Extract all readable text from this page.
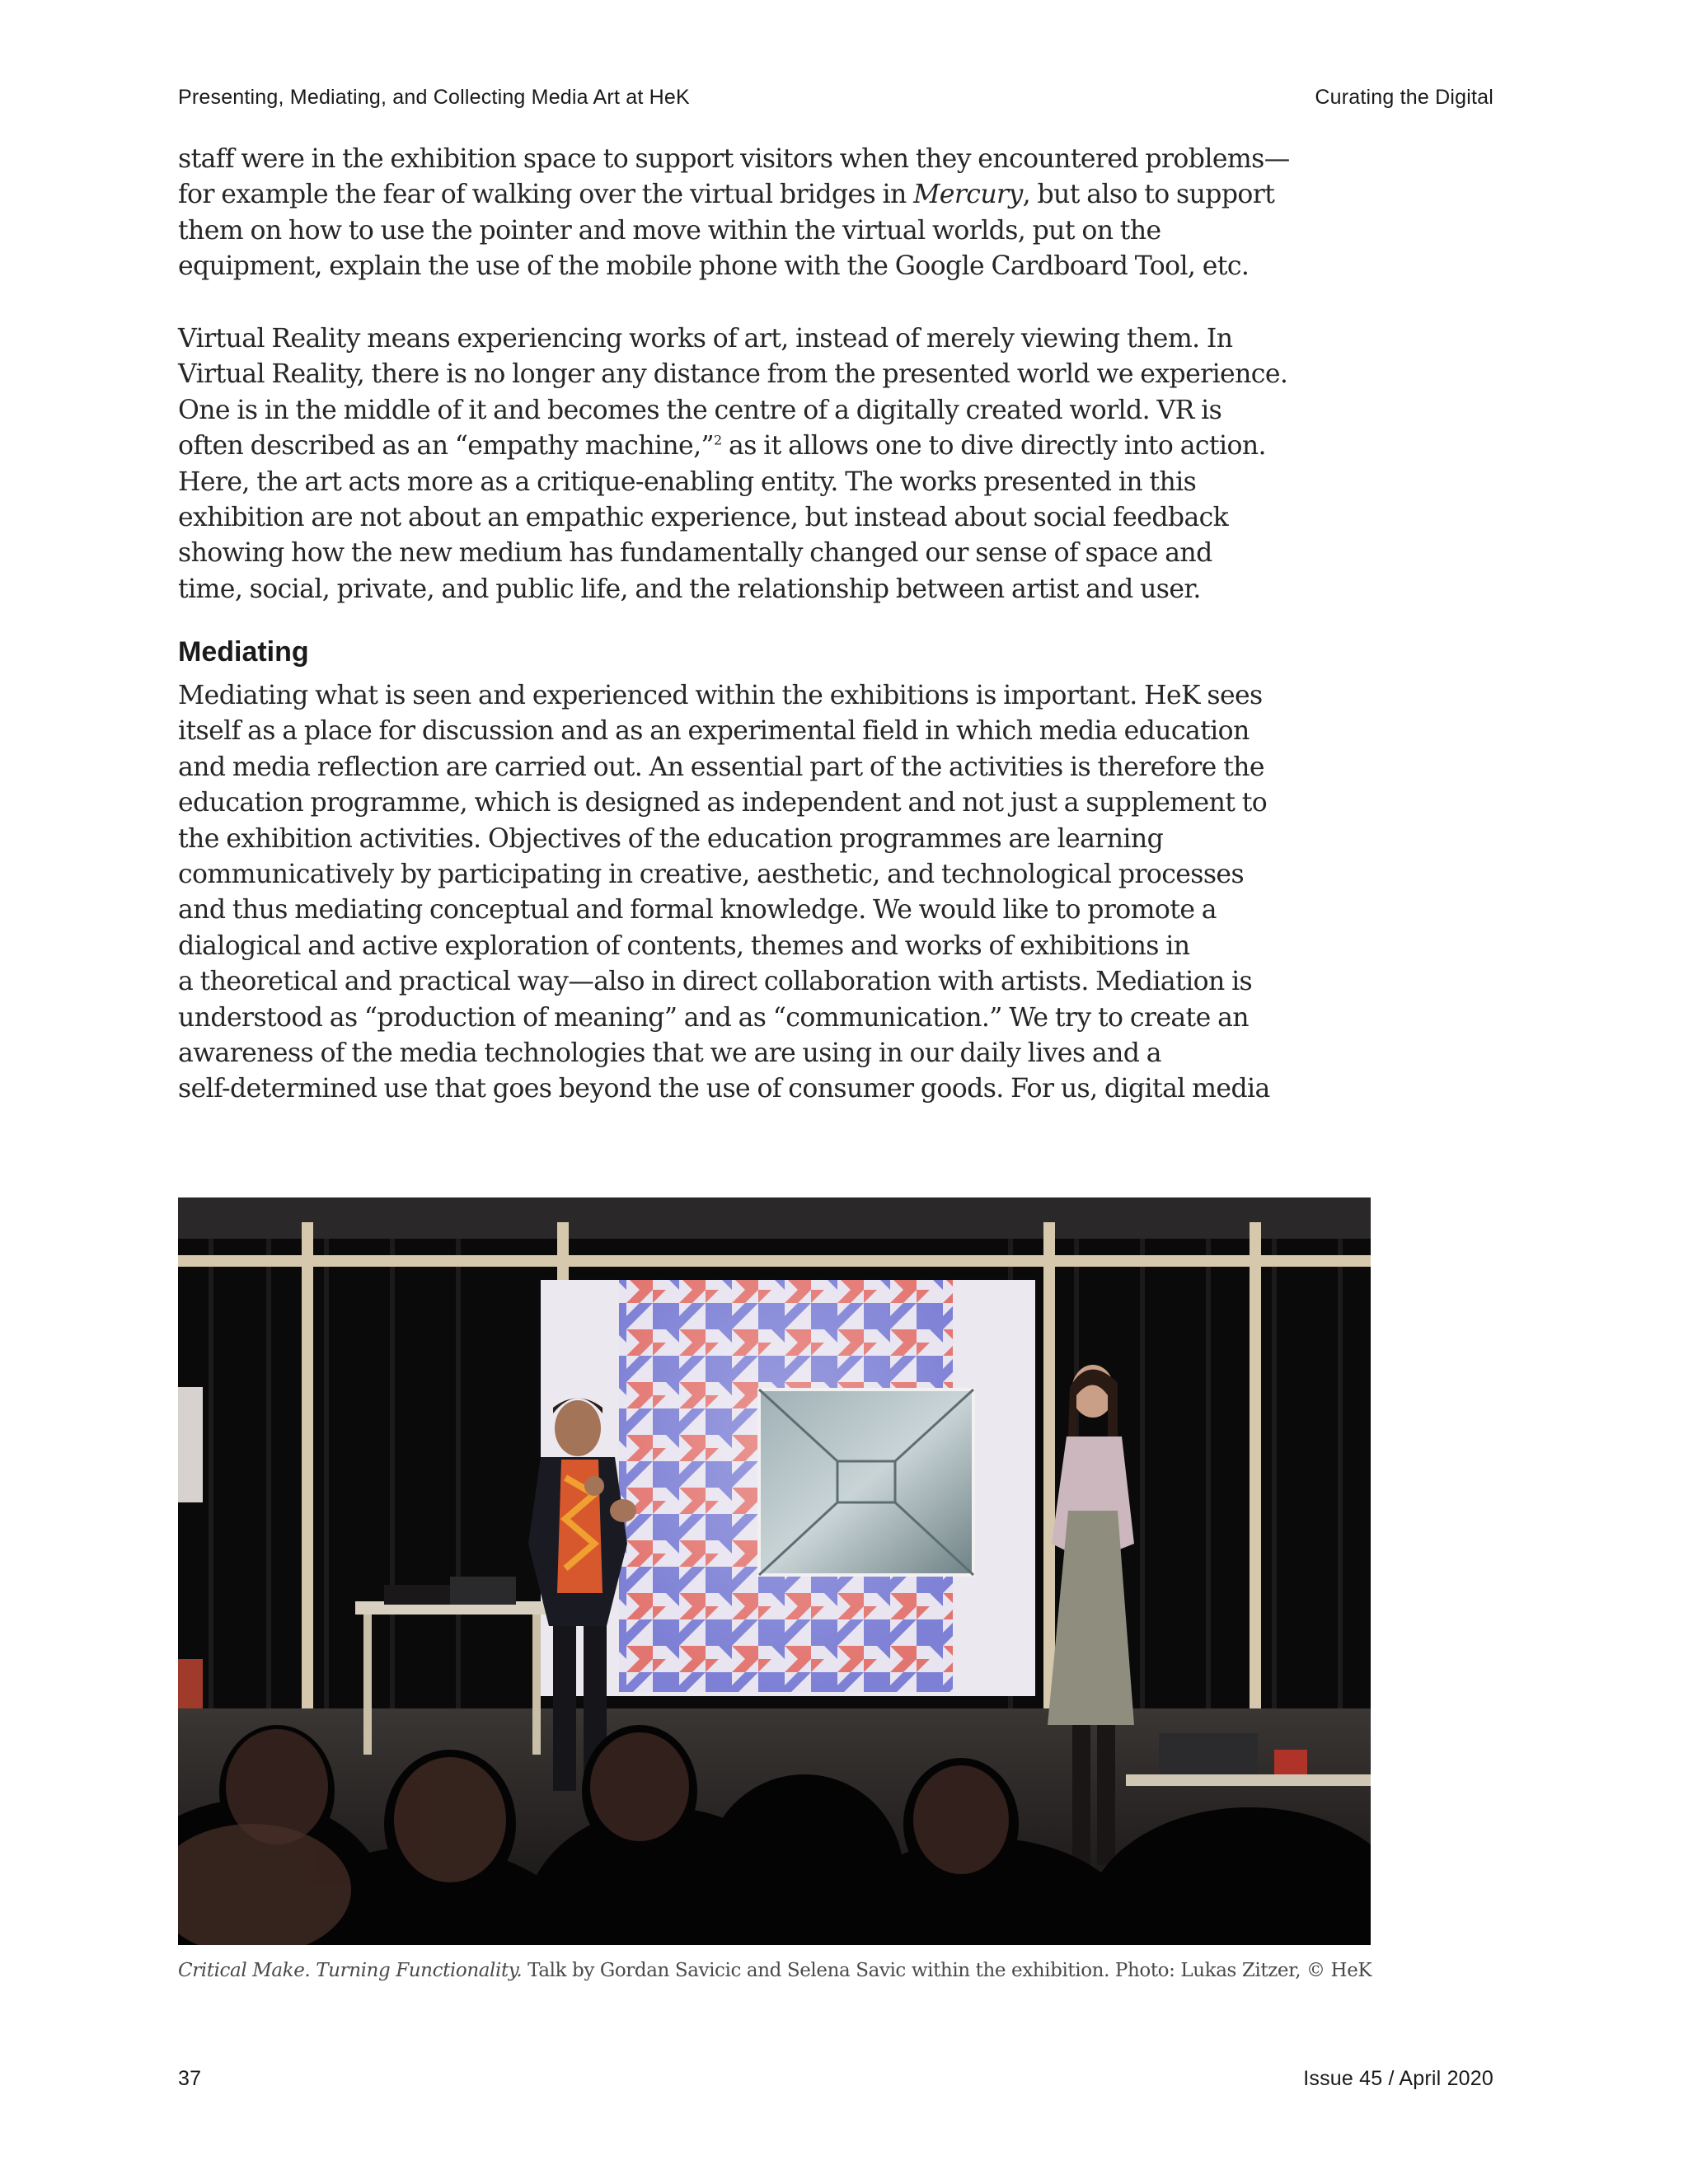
Presenting, Mediating, and Collecting Media Art at HeK	Curating the Digital
staff were in the exhibition space to support visitors when they encountered problems—
for example the fear of walking over the virtual bridges in Mercury, but also to support
them on how to use the pointer and move within the virtual worlds, put on the
equipment, explain the use of the mobile phone with the Google Cardboard Tool, etc.
Virtual Reality means experiencing works of art, instead of merely viewing them. In
Virtual Reality, there is no longer any distance from the presented world we experience.
One is in the middle of it and becomes the centre of a digitally created world. VR is
often described as an “empathy machine,”$^2$ as it allows one to dive directly into action.
Here, the art acts more as a critique-enabling entity. The works presented in this
exhibition are not about an empathic experience, but instead about social feedback
showing how the new medium has fundamentally changed our sense of space and
time, social, private, and public life, and the relationship between artist and user.
Mediating
Mediating what is seen and experienced within the exhibitions is important. HeK sees
itself as a place for discussion and as an experimental field in which media education
and media reflection are carried out. An essential part of the activities is therefore the
education programme, which is designed as independent and not just a supplement to
the exhibition activities. Objectives of the education programmes are learning
communicatively by participating in creative, aesthetic, and technological processes
and thus mediating conceptual and formal knowledge. We would like to promote a
dialogical and active exploration of contents, themes and works of exhibitions in
a theoretical and practical way—also in direct collaboration with artists. Mediation is
understood as “production of meaning” and as “communication.” We try to create an
awareness of the media technologies that we are using in our daily lives and a
self-determined use that goes beyond the use of consumer goods. For us, digital media
Critical Make. Turning Functionality. Talk by Gordan Savicic and Selena Savic within the exhibition. Photo: Lukas Zitzer, © HeK
37	Issue 45 / April 2020
